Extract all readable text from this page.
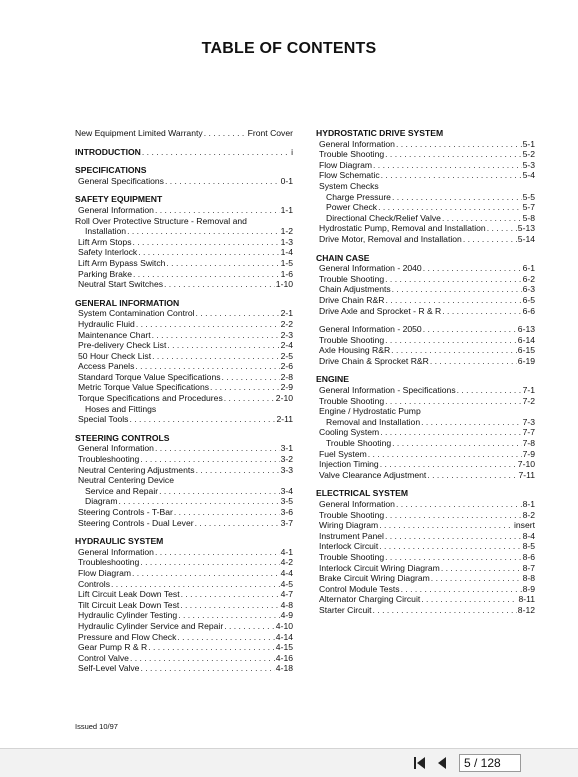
TABLE OF CONTENTS
New Equipment Limited Warranty . . .	Front Cover
INTRODUCTION . . .	i
SPECIFICATIONS
General Specifications . . .	0-1
SAFETY EQUIPMENT
General Information . . .	1-1
Roll Over Protective Structure - Removal and
Installation . . .	1-2
Lift Arm Stops . . .	1-3
Safety Interlock . . .	1-4
Lift Arm Bypass Switch . . .	1-5
Parking Brake . . .	1-6
Neutral Start Switches . . .	1-10
GENERAL INFORMATION
System Contamination Control . . .	2-1
Hydraulic Fluid . . .	2-2
Maintenance Chart . . .	2-3
Pre-delivery Check List . . .	2-4
50 Hour Check List . . .	2-5
Access Panels . . .	2-6
Standard Torque Value Specifications . . .	2-8
Metric Torque Value Specifications . . .	2-9
Torque Specifications and Procedures . . .	2-10
Hoses and Fittings
Special Tools . . .	2-11
STEERING CONTROLS
General Information . . .	3-1
Troubleshooting . . .	3-2
Neutral Centering Adjustments . . .	3-3
Neutral Centering Device
Service and Repair . . .	3-4
Diagram . . .	3-5
Steering Controls - T-Bar . . .	3-6
Steering Controls - Dual Lever . . .	3-7
HYDRAULIC SYSTEM
General Information . . .	4-1
Troubleshooting . . .	4-2
Flow Diagram . . .	4-4
Controls . . .	4-5
Lift Circuit Leak Down Test . . .	4-7
Tilt Circuit Leak Down Test . . .	4-8
Hydraulic Cylinder Testing . . .	4-9
Hydraulic Cylinder Service and Repair . . .	4-10
Pressure and Flow Check . . .	4-14
Gear Pump R & R . . .	4-15
Control Valve . . .	4-16
Self-Level Valve . . .	4-18
HYDROSTATIC DRIVE SYSTEM
General Information . . .	5-1
Trouble Shooting . . .	5-2
Flow Diagram . . .	5-3
Flow Schematic . . .	5-4
System Checks
Charge Pressure . . .	5-5
Power Check . . .	5-7
Directional Check/Relief Valve . . .	5-8
Hydrostatic Pump, Removal and Installation . . .	5-13
Drive Motor, Removal and Installation . . .	5-14
CHAIN CASE
General Information - 2040 . . .	6-1
Trouble Shooting . . .	6-2
Chain Adjustments . . .	6-3
Drive Chain R&R . . .	6-5
Drive Axle and Sprocket - R & R . . .	6-6
General Information - 2050 . . .	6-13
Trouble Shooting . . .	6-14
Axle Housing R&R . . .	6-15
Drive Chain & Sprocket R&R . . .	6-19
ENGINE
General Information - Specifications . . .	7-1
Trouble Shooting . . .	7-2
Engine / Hydrostatic Pump
Removal and Installation . . .	7-3
Cooling System . . .	7-7
Trouble Shooting . . .	7-8
Fuel System . . .	7-9
Injection Timing . . .	7-10
Valve Clearance Adjustment . . .	7-11
ELECTRICAL SYSTEM
General Information . . .	8-1
Trouble Shooting . . .	8-2
Wiring Diagram . . .	insert
Instrument Panel . . .	8-4
Interlock Circuit . . .	8-5
Trouble Shooting . . .	8-6
Interlock Circuit Wiring Diagram . . .	8-7
Brake Circuit Wiring Diagram . . .	8-8
Control Module Tests . . .	8-9
Alternator Charging Circuit . . .	8-11
Starter Circuit . . .	8-12
Issued 10/97
5 / 128
